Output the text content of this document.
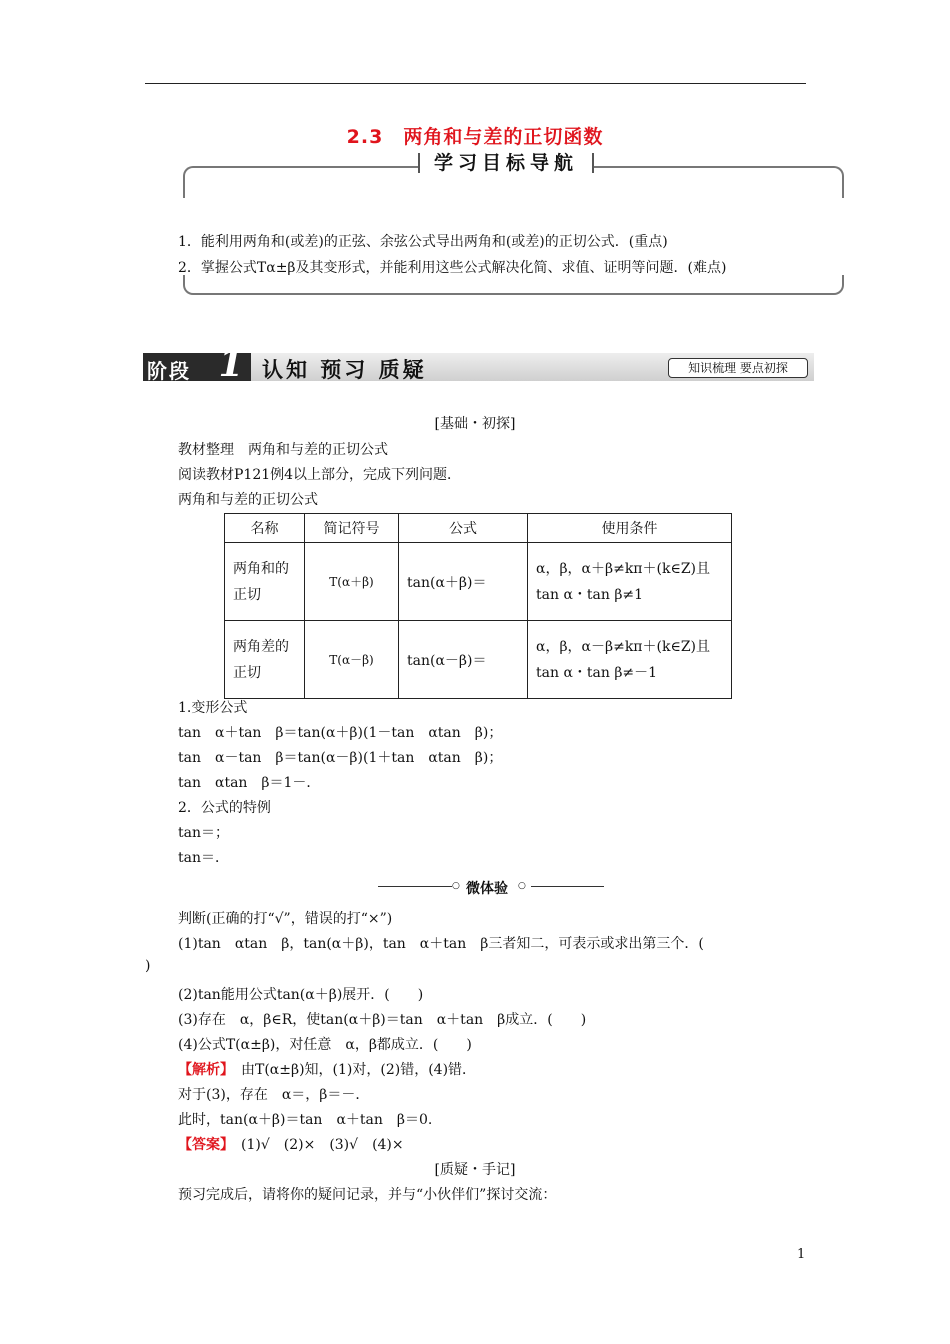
2.3　两角和与差的正切函数
学习目标导航
1．能利用两角和(或差)的正弦、余弦公式导出两角和(或差)的正切公式．(重点)
2．掌握公式Tα±β及其变形式，并能利用这些公式解决化简、求值、证明等问题．(难点)
阶段 1 认知 预习 质疑	知识梳理 要点初探
[基础・初探]
教材整理　两角和与差的正切公式
阅读教材P121例4以上部分，完成下列问题．
两角和与差的正切公式
名称	简记符号	公式	使用条件
两角和的正切	T(α＋β)	tan(α＋β)＝	α，β，α＋β≠kπ＋(k∈Z)且tan α・tan β≠1
两角差的正切	T(α－β)	tan(α－β)＝	α，β，α－β≠kπ＋(k∈Z)且tan α・tan β≠－1
1.变形公式
tan　α＋tan　β＝tan(α＋β)(1－tan　αtan　β)；
tan　α－tan　β＝tan(α－β)(1＋tan　αtan　β)；
tan　αtan　β＝1－．
2．公式的特例
tan＝；
tan＝．
○ 微体验 ○
判断(正确的打“√”，错误的打“×”)
(1)tan　αtan　β，tan(α＋β)，tan　α＋tan　β三者知二，可表示或求出第三个．(
)
(2)tan能用公式tan(α＋β)展开．(　　)
(3)存在　α，β∈R，使tan(α＋β)＝tan　α＋tan　β成立．(　　)
(4)公式T(α±β)，对任意　α，β都成立．(　　)
【解析】　由T(α±β)知，(1)对，(2)错，(4)错．
对于(3)，存在　α＝，β＝－．
此时，tan(α＋β)＝tan　α＋tan　β＝0.
【答案】　(1)√　(2)×　(3)√　(4)×
[质疑・手记]
预习完成后，请将你的疑问记录，并与“小伙伴们”探讨交流：
1
